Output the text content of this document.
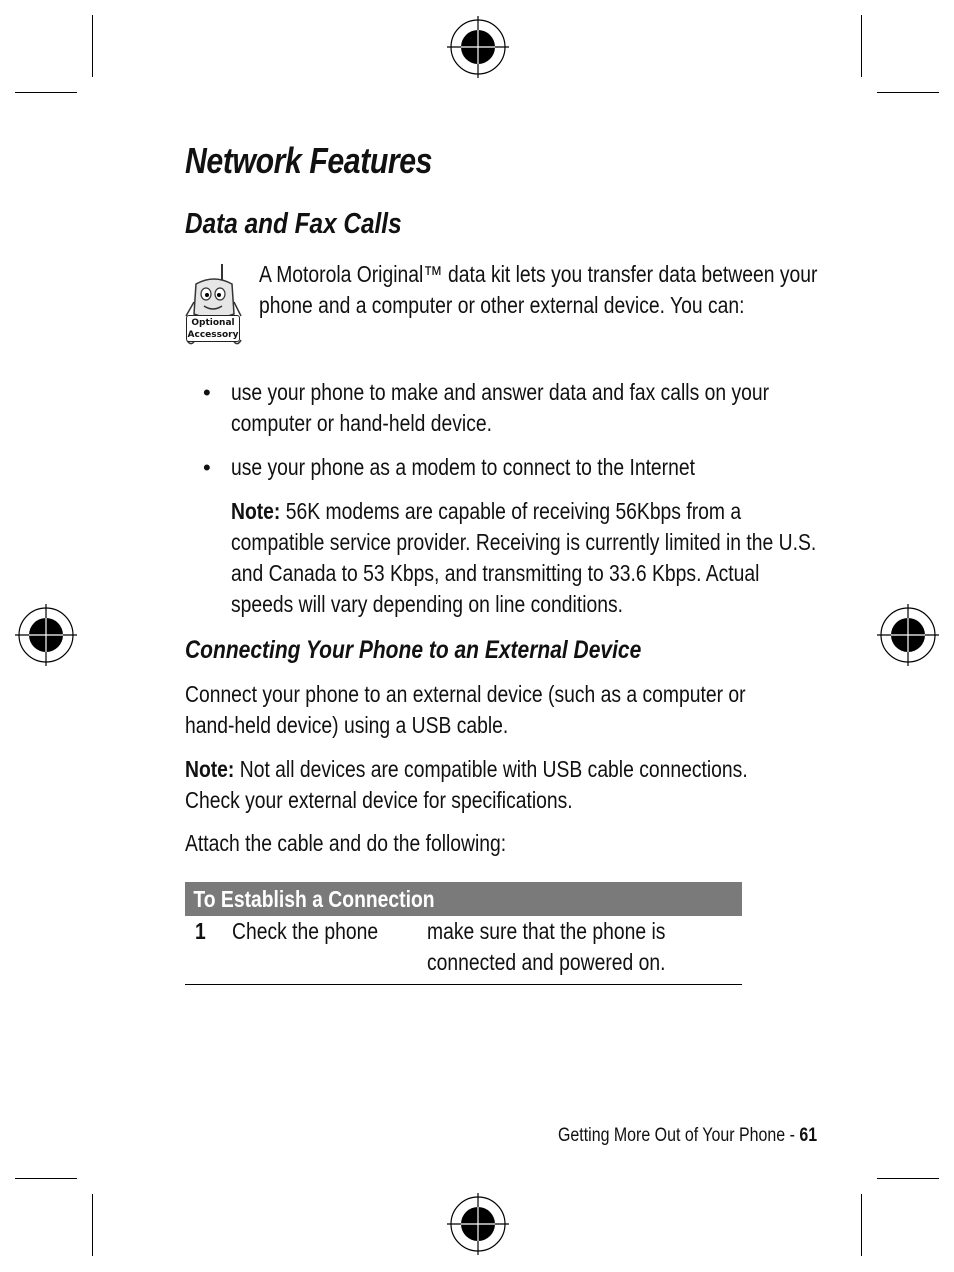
Network Features
Data and Fax Calls
Optional
Accessory
A Motorola Original™ data kit lets you transfer data between your
phone and a computer or other external device. You can:
• use your phone to make and answer data and fax calls on your
computer or hand-held device.
• use your phone as a modem to connect to the Internet
Note: 56K modems are capable of receiving 56Kbps from a
compatible service provider. Receiving is currently limited in the U.S.
and Canada to 53 Kbps, and transmitting to 33.6 Kbps. Actual
speeds will vary depending on line conditions.
Connecting Your Phone to an External Device
Connect your phone to an external device (such as a computer or
hand-held device) using a USB cable.
Note: Not all devices are compatible with USB cable connections.
Check your external device for specifications.
Attach the cable and do the following:
To Establish a Connection
1 Check the phone	make sure that the phone is
connected and powered on.
Getting More Out of Your Phone - 61
